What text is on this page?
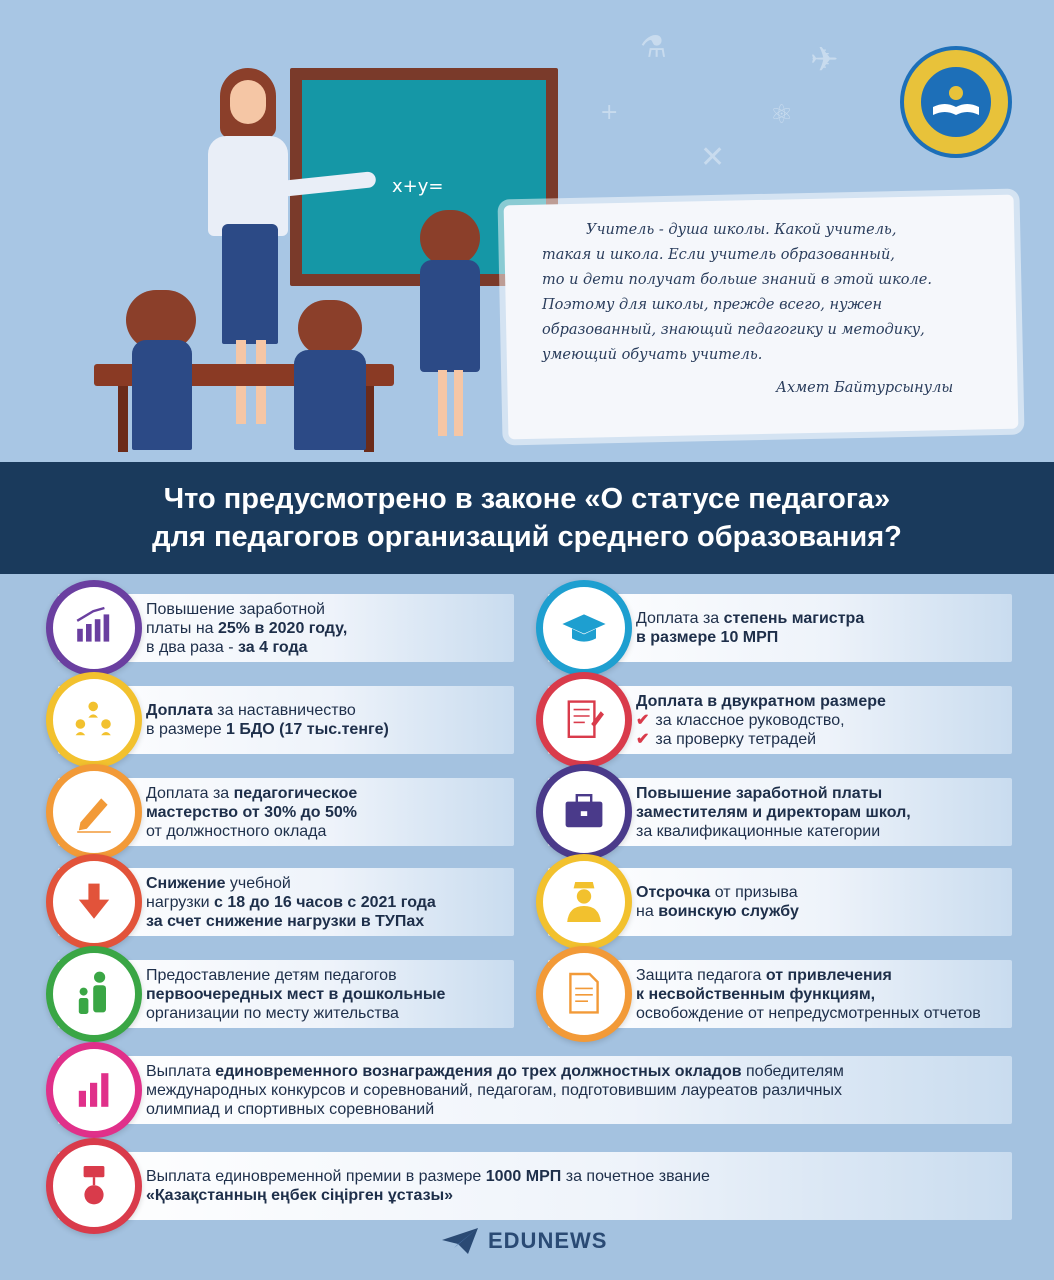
⚗	✈
✕
⚛
+
x+y=
Учитель - душа школы. Какой учитель,
такая и школа. Если учитель образованный,
то и дети получат больше знаний в этой школе.
Поэтому для школы, прежде всего, нужен
образованный, знающий педагогику и методику,
умеющий обучать учитель.
Ахмет Байтурсынулы
Что предусмотрено в законе «О статусе педагога»
для педагогов организаций среднего образования?
Повышение заработной
платы на 25% в 2020 году,
в два раза - за 4 года
Доплата за наставничество
в размере 1 БДО (17 тыс.тенге)
Доплата за педагогическое
мастерство от 30% до 50%
от должностного оклада
Снижение учебной
нагрузки с 18 до 16 часов с 2021 года
за счет снижение нагрузки в ТУПах
Предоставление детям педагогов
первоочередных мест в дошкольные
организации по месту жительства
Доплата за степень магистра
в размере 10 МРП
Доплата в двукратном размере
✔ за классное руководство,
✔ за проверку тетрадей
Повышение заработной платы
заместителям и директорам школ,
за квалификационные категории
Отсрочка от призыва
на воинскую службу
Защита педагога от привлечения
к несвойственным функциям,
освобождение от непредусмотренных отчетов
Выплата единовременного вознаграждения до трех должностных окладов победителям
международных конкурсов и соревнований, педагогам, подготовившим лауреатов различных
олимпиад и спортивных соревнований
Выплата единовременной премии в размере 1000 МРП за почетное звание
«Қазақстанның еңбек сіңірген ұстазы»
EDUNEWS
